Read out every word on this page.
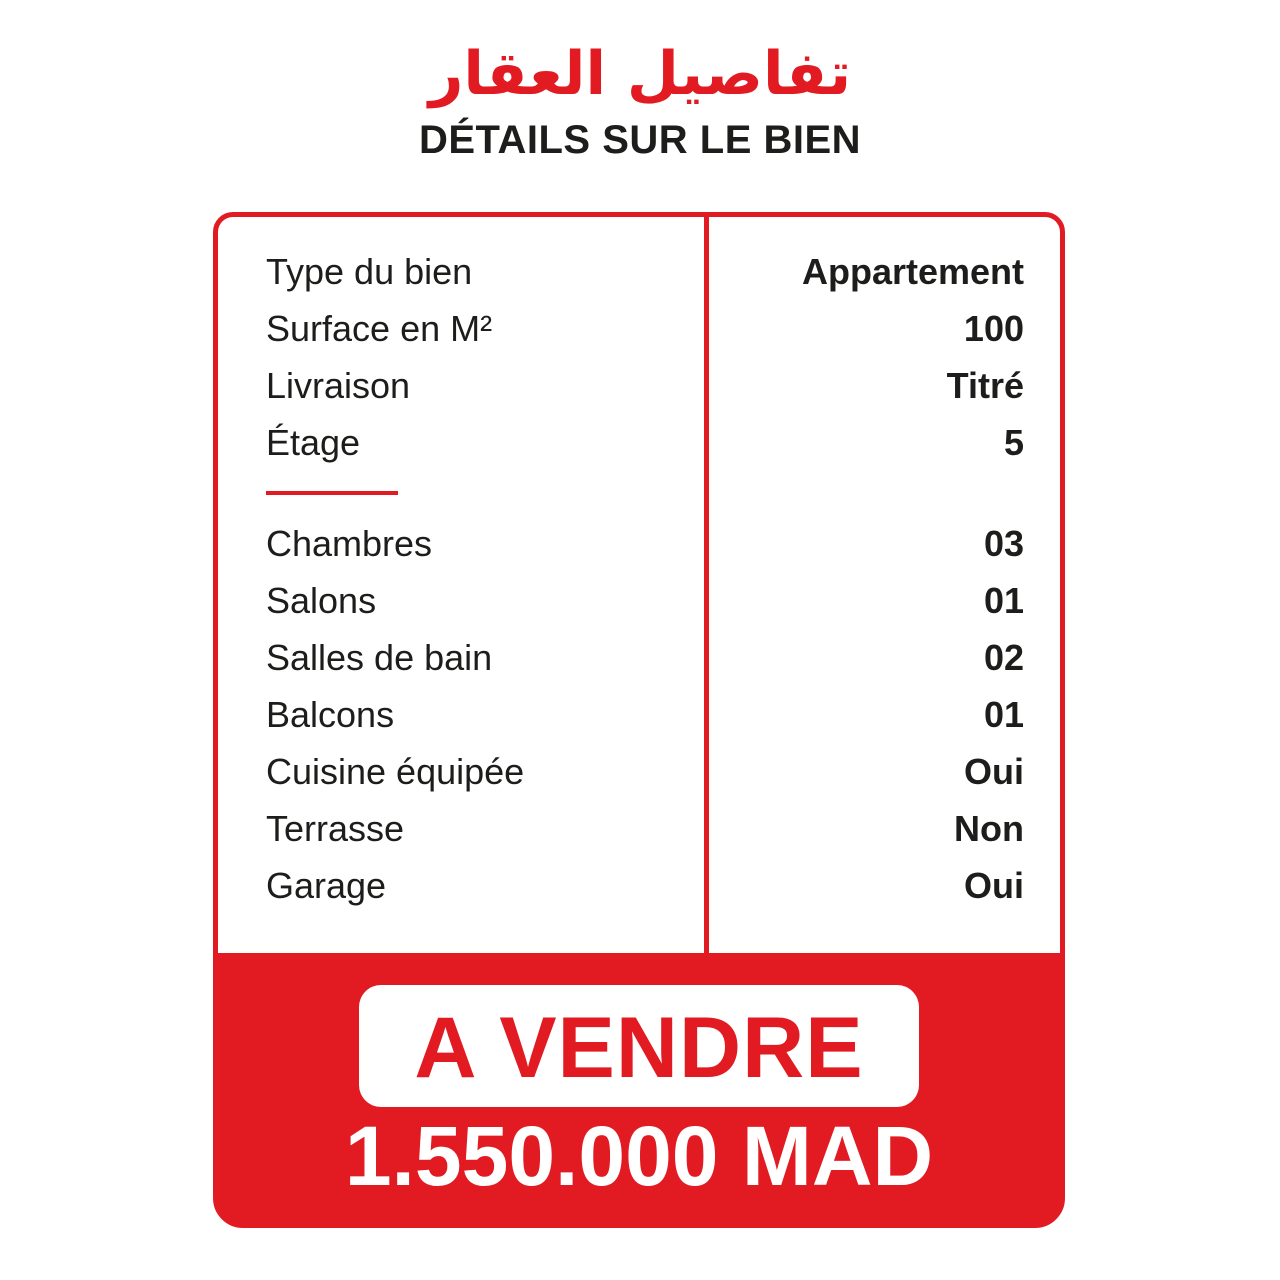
تفاصيل العقار
DÉTAILS SUR LE BIEN
Type du bien	Appartement
Surface en M²	100
Livraison	Titré
Étage	5
Chambres	03
Salons	01
Salles de bain	02
Balcons	01
Cuisine équipée	Oui
Terrasse	Non
Garage	Oui
A VENDRE
1.550.000 MAD
